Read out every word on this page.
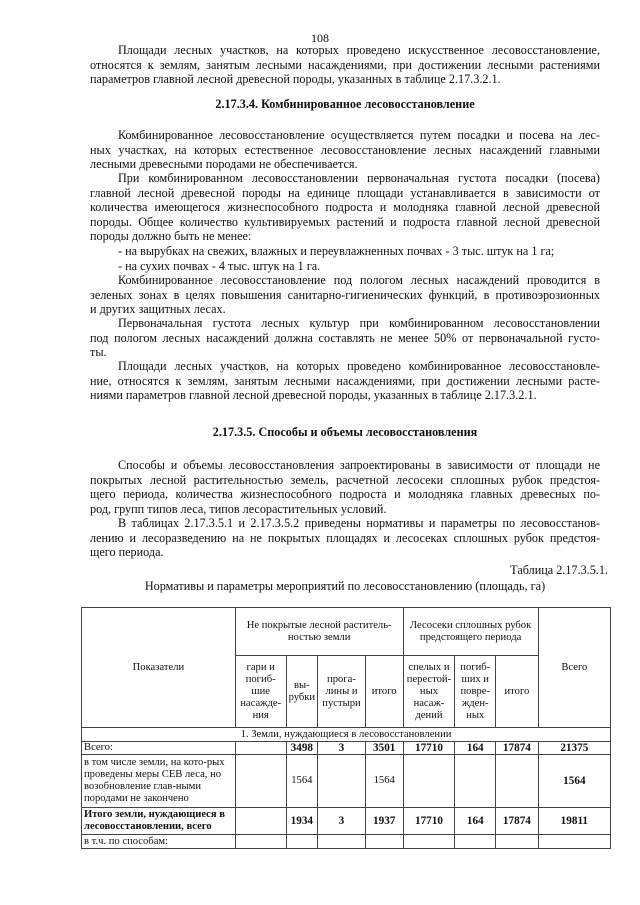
108
Площади лесных участков, на которых проведено искусственное лесовосстановление,
относятся к землям, занятым лесными насаждениями, при достижении лесными растениями
параметров главной лесной древесной породы, указанных в таблице 2.17.3.2.1.
2.17.3.4. Комбинированное лесовосстановление
Комбинированное лесовосстановление осуществляется путем посадки и посева на лес-
ных участках, на которых естественное лесовосстановление лесных насаждений главными
лесными древесными породами не обеспечивается.
При комбинированном лесовосстановлении первоначальная густота посадки (посева)
главной лесной древесной породы на единице площади устанавливается в зависимости от
количества имеющегося жизнеспособного подроста и молодняка главной лесной древесной
породы. Общее количество культивируемых растений и подроста главной лесной древесной
породы должно быть не менее:
- на вырубках на свежих, влажных и переувлажненных почвах - 3 тыс. штук на 1 га;
- на сухих почвах - 4 тыс. штук на 1 га.
Комбинированное лесовосстановление под пологом лесных насаждений проводится в
зеленых зонах в целях повышения санитарно-гигиенических функций, в противоэрозионных
и других защитных лесах.
Первоначальная густота лесных культур при комбинированном лесовосстановлении
под пологом лесных насаждений должна составлять не менее 50% от первоначальной густо-
ты.
Площади лесных участков, на которых проведено комбинированное лесовосстановле-
ние, относятся к землям, занятым лесными насаждениями, при достижении лесными расте-
ниями параметров главной лесной древесной породы, указанных в таблице 2.17.3.2.1.
2.17.3.5. Способы и объемы лесовосстановления
Способы и объемы лесовосстановления запроектированы в зависимости от площади не
покрытых лесной растительностью земель, расчетной лесосеки сплошных рубок предстоя-
щего периода, количества жизнеспособного подроста и молодняка главных древесных по-
род, групп типов леса, типов лесорастительных условий.
В таблицах 2.17.3.5.1 и 2.17.3.5.2 приведены нормативы и параметры по лесовосстанов-
лению и лесоразведению на не покрытых площадях и лесосеках сплошных рубок предстоя-
щего периода.
Таблица 2.17.3.5.1.
Нормативы и параметры мероприятий по лесовосстановлению (площадь, га)
Показатели	Не покрытые лесной раститель-ностью земли				Лесосеки сплошных рубок предстоящего периода			Всего
	гари и погиб-шие насажде-ния	вы-рубки	прога-лины и пустыри	итого	спелых и перестой-ных насаж-дений	погиб-ших и повре-жден-ных	итого	
1. Земли, нуждающиеся в лесовосстановлении								
Всего:		3498	3	3501	17710	164	17874	21375
в том числе земли, на кото-рых проведены меры СЕВ леса, но возобновление глав-ными породами не закончено		1564		1564				1564
Итого земли, нуждающиеся в лесовосстановлении, всего		1934	3	1937	17710	164	17874	19811
в т.ч. по способам:								
